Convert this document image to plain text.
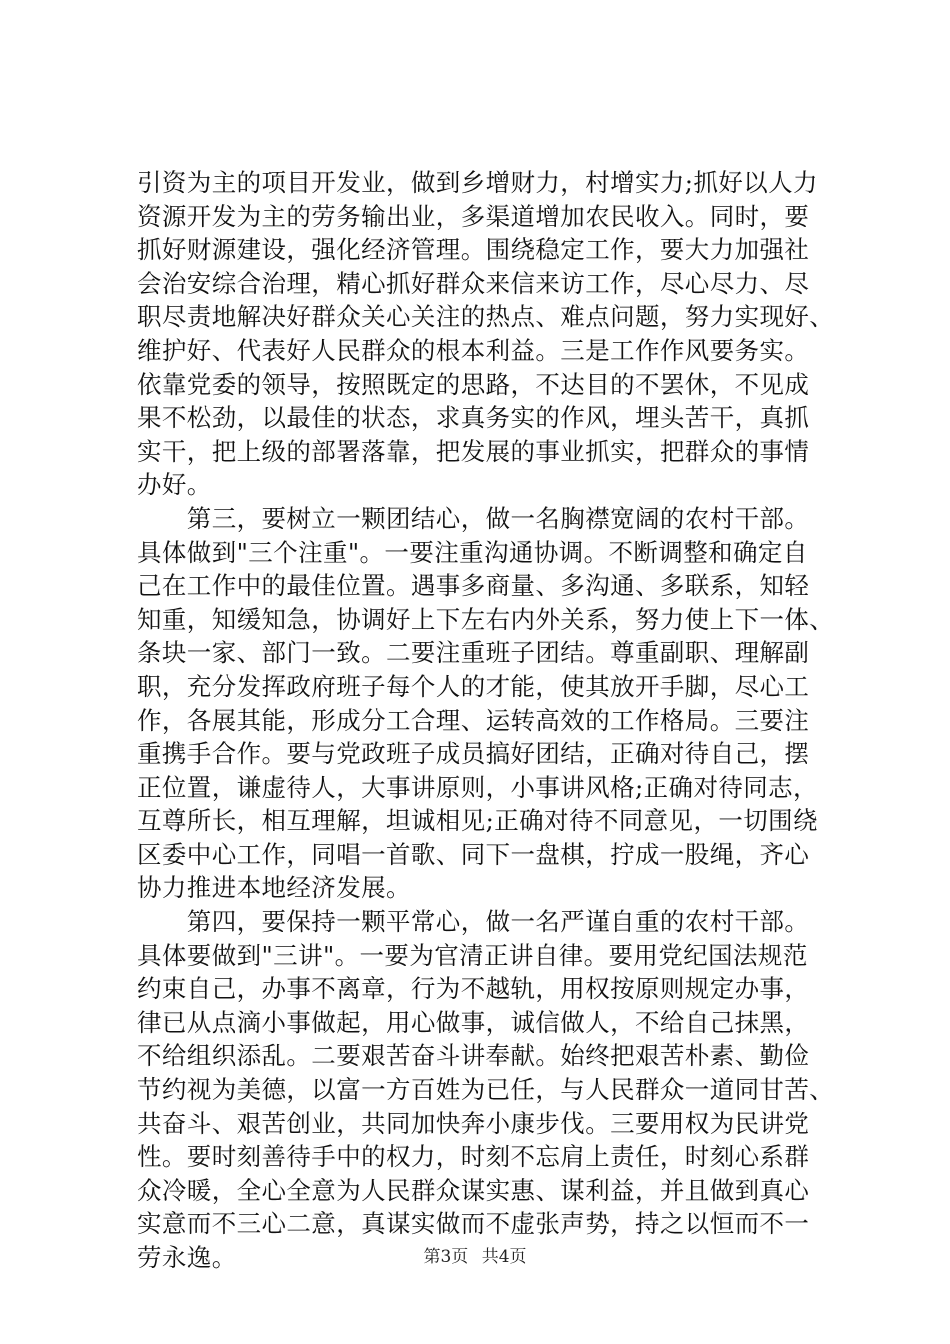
引资为主的项目开发业，做到乡增财力，村增实力;抓好以人力
资源开发为主的劳务输出业，多渠道增加农民收入。同时，要
抓好财源建设，强化经济管理。围绕稳定工作，要大力加强社
会治安综合治理，精心抓好群众来信来访工作，尽心尽力、尽
职尽责地解决好群众关心关注的热点、难点问题，努力实现好、
维护好、代表好人民群众的根本利益。三是工作作风要务实。
依靠党委的领导，按照既定的思路，不达目的不罢休，不见成
果不松劲，以最佳的状态，求真务实的作风，埋头苦干，真抓
实干，把上级的部署落靠，把发展的事业抓实，把群众的事情
办好。
　　第三，要树立一颗团结心，做一名胸襟宽阔的农村干部。
具体做到"三个注重"。一要注重沟通协调。不断调整和确定自
己在工作中的最佳位置。遇事多商量、多沟通、多联系，知轻
知重，知缓知急，协调好上下左右内外关系，努力使上下一体、
条块一家、部门一致。二要注重班子团结。尊重副职、理解副
职，充分发挥政府班子每个人的才能，使其放开手脚，尽心工
作，各展其能，形成分工合理、运转高效的工作格局。三要注
重携手合作。要与党政班子成员搞好团结，正确对待自己，摆
正位置，谦虚待人，大事讲原则，小事讲风格;正确对待同志，
互尊所长，相互理解，坦诚相见;正确对待不同意见，一切围绕
区委中心工作，同唱一首歌、同下一盘棋，拧成一股绳，齐心
协力推进本地经济发展。
　　第四，要保持一颗平常心，做一名严谨自重的农村干部。
具体要做到"三讲"。一要为官清正讲自律。要用党纪国法规范
约束自己，办事不离章，行为不越轨，用权按原则规定办事，
律已从点滴小事做起，用心做事，诚信做人，不给自己抹黑，
不给组织添乱。二要艰苦奋斗讲奉献。始终把艰苦朴素、勤俭
节约视为美德，以富一方百姓为已任，与人民群众一道同甘苦、
共奋斗、艰苦创业，共同加快奔小康步伐。三要用权为民讲党
性。要时刻善待手中的权力，时刻不忘肩上责任，时刻心系群
众冷暖，全心全意为人民群众谋实惠、谋利益，并且做到真心
实意而不三心二意，真谋实做而不虚张声势，持之以恒而不一
劳永逸。	第3页 共4页
